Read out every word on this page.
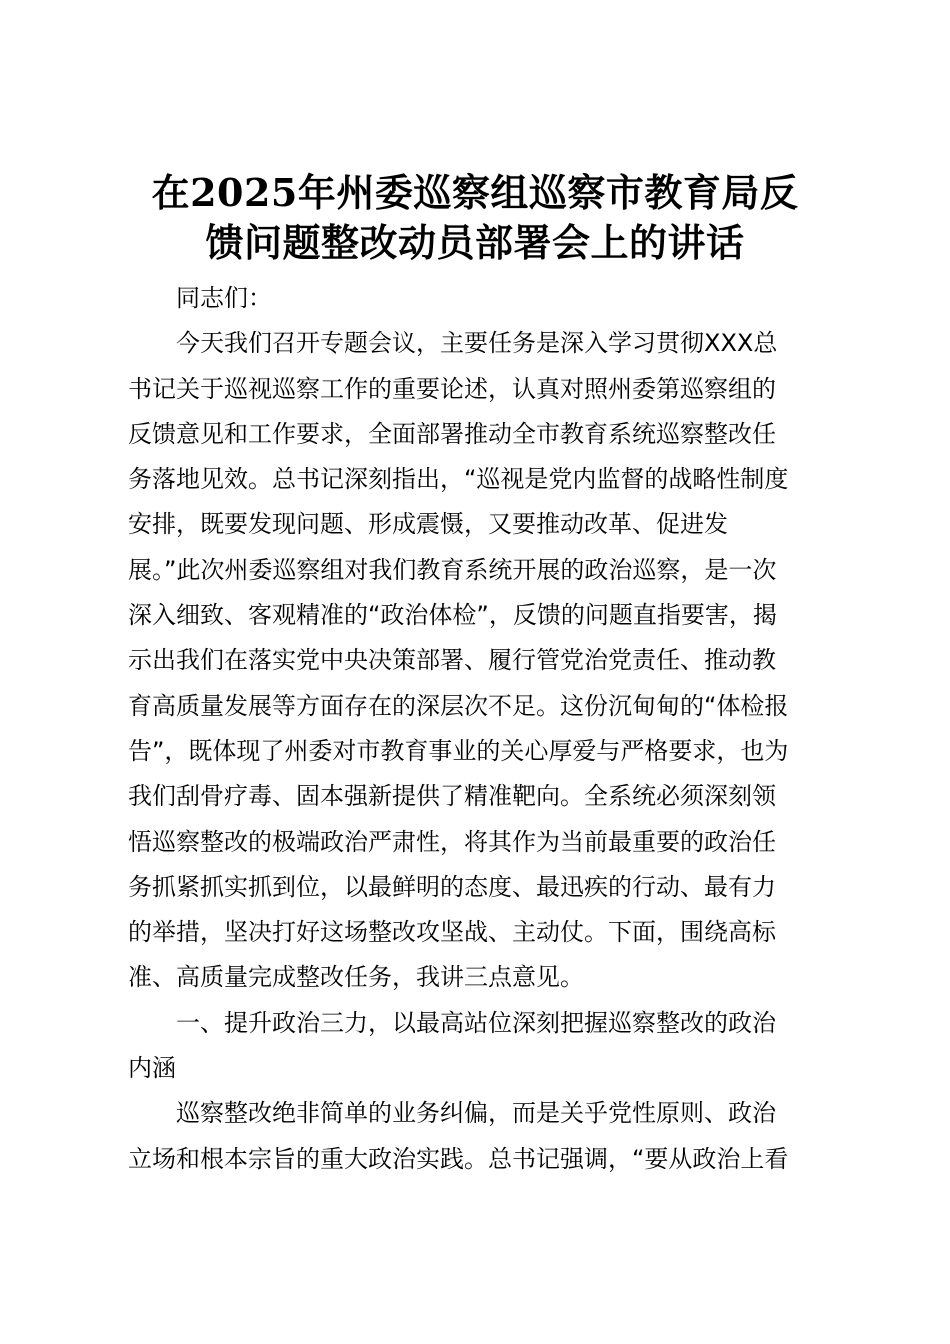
在2025年州委巡察组巡察市教育局反
馈问题整改动员部署会上的讲话
同志们：
今天我们召开专题会议，主要任务是深入学习贯彻XXX总
书记关于巡视巡察工作的重要论述，认真对照州委第巡察组的
反馈意见和工作要求，全面部署推动全市教育系统巡察整改任
务落地见效。总书记深刻指出，“巡视是党内监督的战略性制度
安排，既要发现问题、形成震慑，又要推动改革、促进发
展。”此次州委巡察组对我们教育系统开展的政治巡察，是一次
深入细致、客观精准的“政治体检”，反馈的问题直指要害，揭
示出我们在落实党中央决策部署、履行管党治党责任、推动教
育高质量发展等方面存在的深层次不足。这份沉甸甸的“体检报
告”，既体现了州委对市教育事业的关心厚爱与严格要求，也为
我们刮骨疗毒、固本强新提供了精准靶向。全系统必须深刻领
悟巡察整改的极端政治严肃性，将其作为当前最重要的政治任
务抓紧抓实抓到位，以最鲜明的态度、最迅疾的行动、最有力
的举措，坚决打好这场整改攻坚战、主动仗。下面，围绕高标
准、高质量完成整改任务，我讲三点意见。
一、提升政治三力，以最高站位深刻把握巡察整改的政治
内涵
巡察整改绝非简单的业务纠偏，而是关乎党性原则、政治
立场和根本宗旨的重大政治实践。总书记强调，“要从政治上看
